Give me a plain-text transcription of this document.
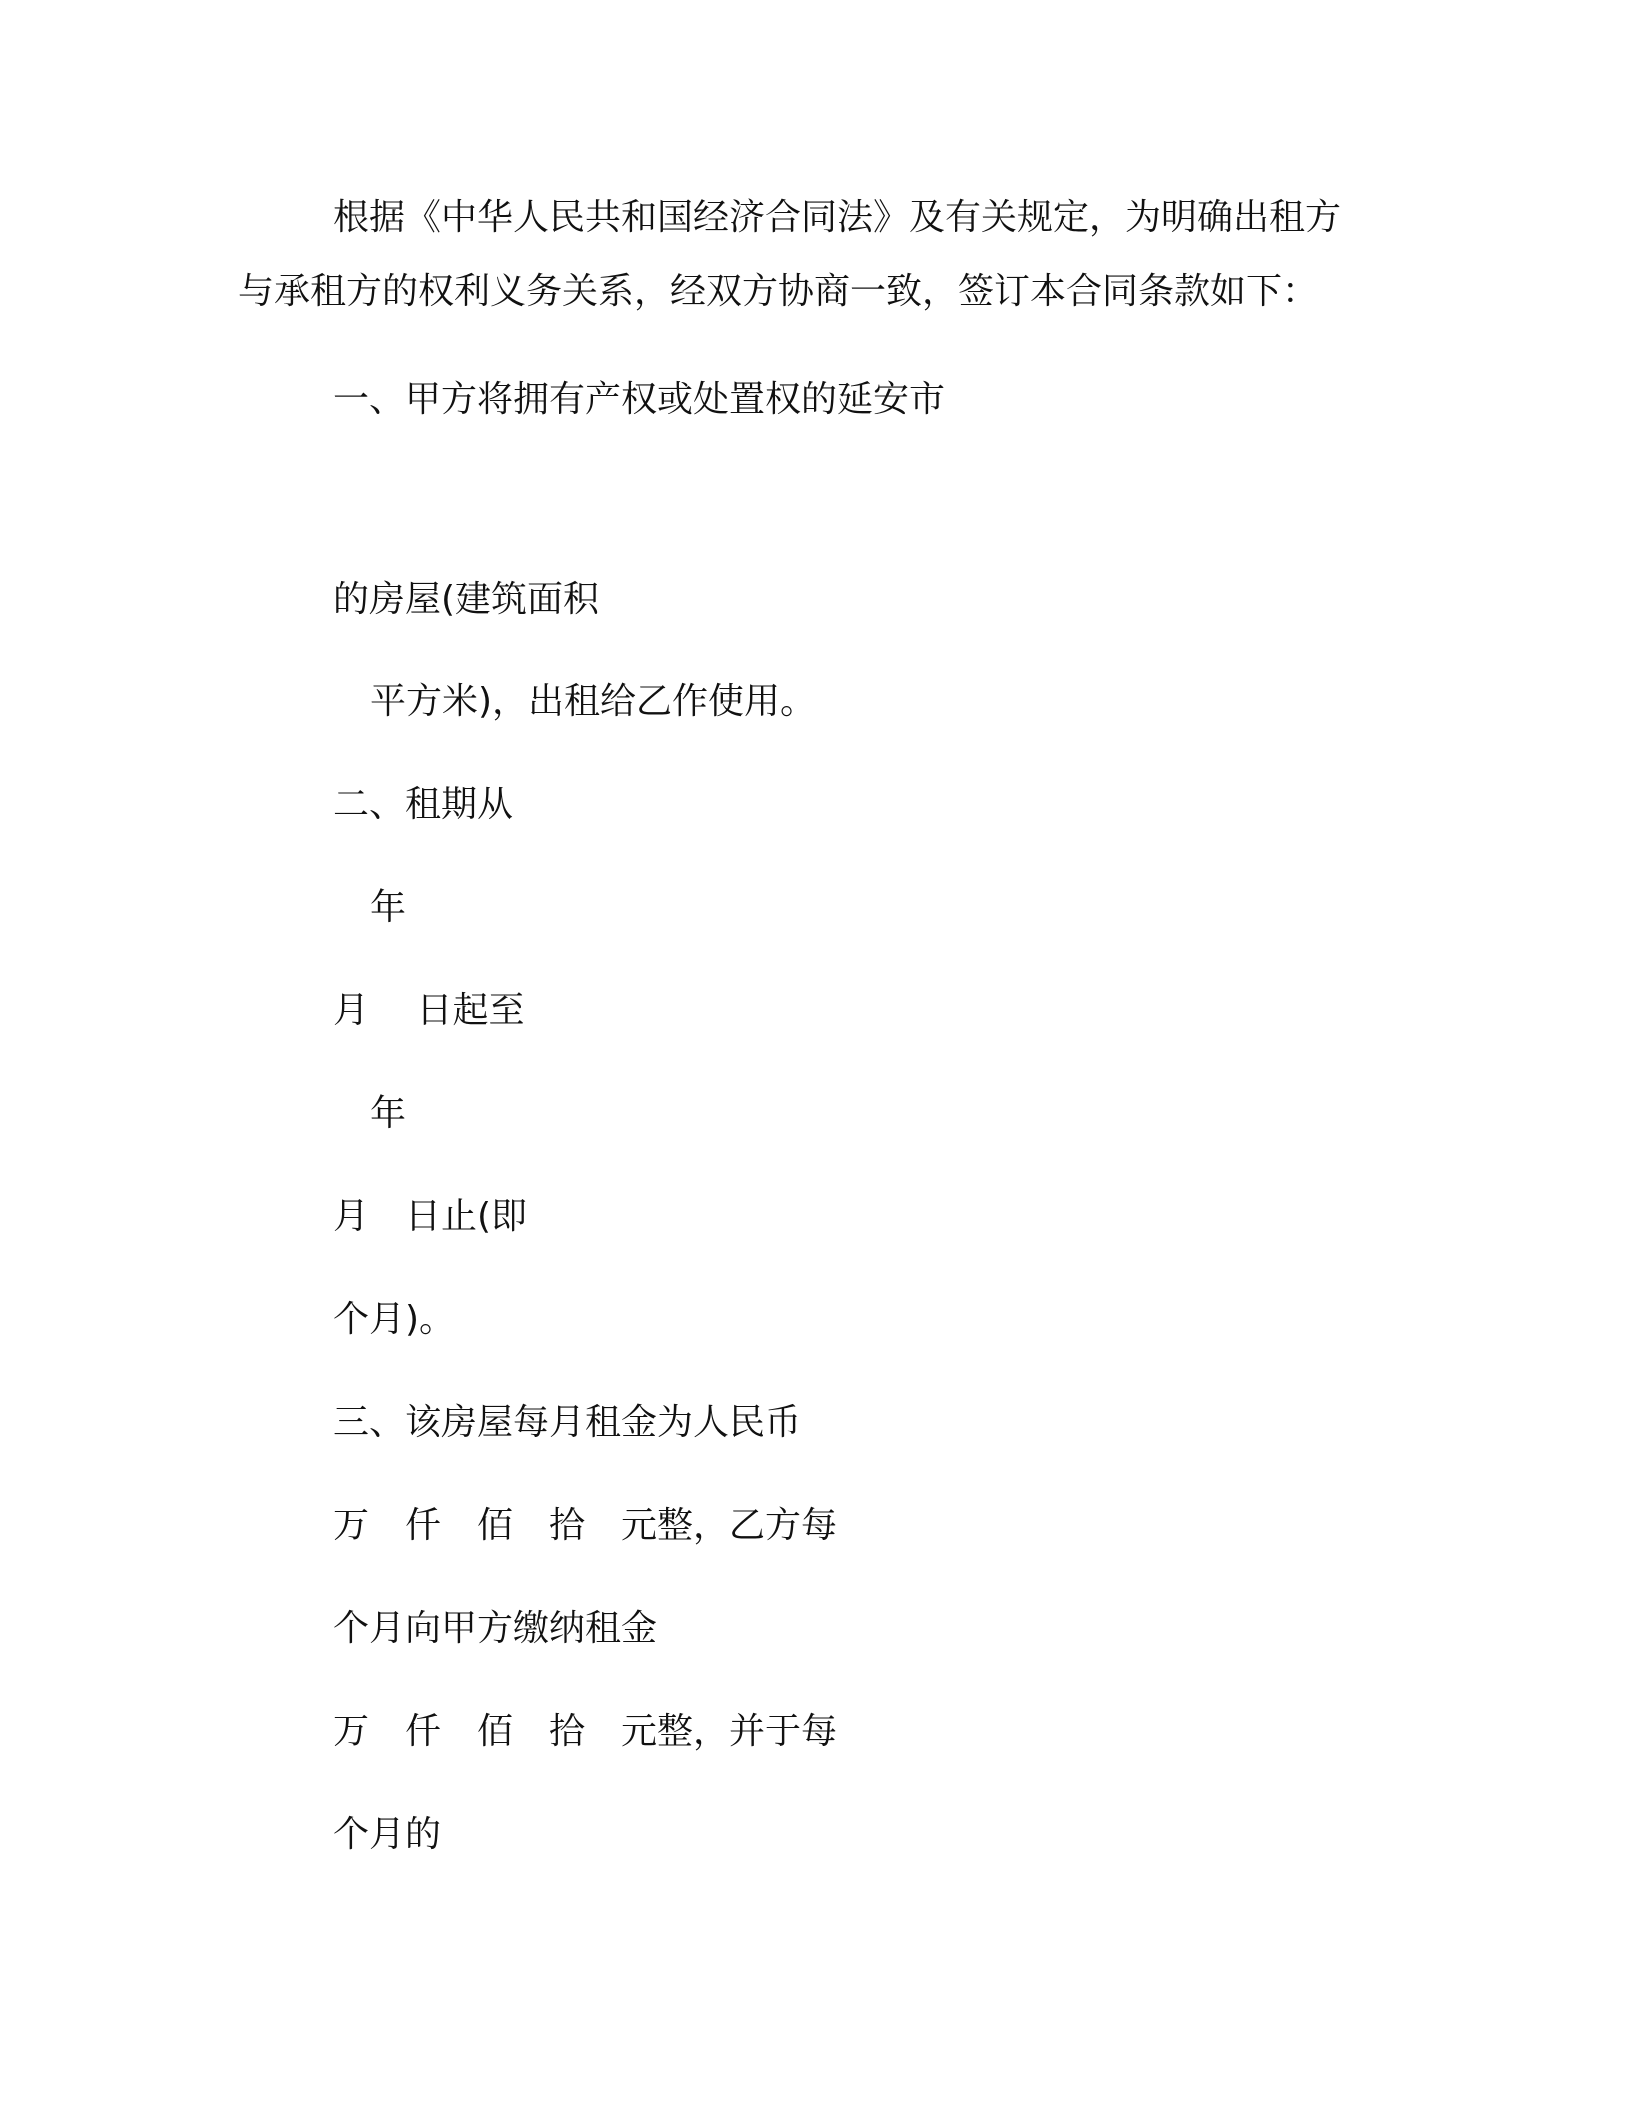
根据《中华人民共和国经济合同法》及有关规定，为明确出租方
与承租方的权利义务关系，经双方协商一致，签订本合同条款如下：
一、甲方将拥有产权或处置权的延安市
的房屋(建筑面积
平方米)，出租给乙作使用。
二、租期从
年
月　 日起至
年
月　日止(即
个月)。
三、该房屋每月租金为人民币
万　仟　佰　拾　元整，乙方每
个月向甲方缴纳租金
万　仟　佰　拾　元整，并于每
个月的
